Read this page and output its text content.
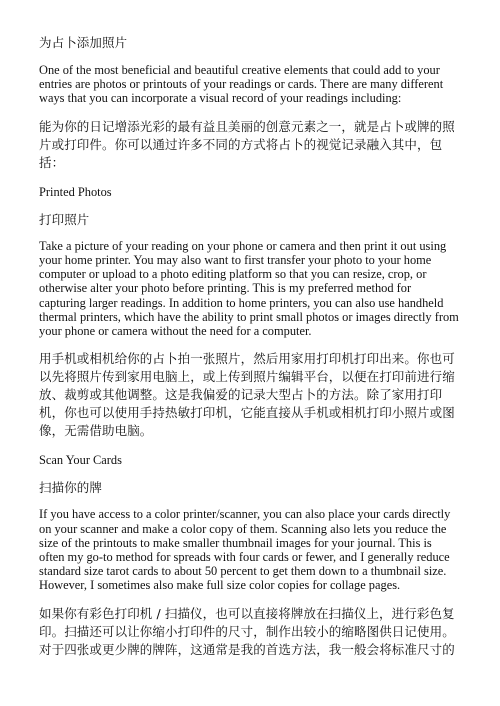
为占卜添加照片

One of the most beneficial and beautiful creative elements that could add to your entries are photos or printouts of your readings or cards. There are many different ways that you can incorporate a visual record of your readings including:

能为你的日记增添光彩的最有益且美丽的创意元素之一，就是占卜或牌的照片或打印件。你可以通过许多不同的方式将占卜的视觉记录融入其中，包括：

Printed Photos

打印照片

Take a picture of your reading on your phone or camera and then print it out using your home printer. You may also want to first transfer your photo to your home computer or upload to a photo editing platform so that you can resize, crop, or otherwise alter your photo before printing. This is my preferred method for capturing larger readings. In addition to home printers, you can also use handheld thermal printers, which have the ability to print small photos or images directly from your phone or camera without the need for a computer.

用手机或相机给你的占卜拍一张照片，然后用家用打印机打印出来。你也可以先将照片传到家用电脑上，或上传到照片编辑平台，以便在打印前进行缩放、裁剪或其他调整。这是我偏爱的记录大型占卜的方法。除了家用打印机，你也可以使用手持热敏打印机，它能直接从手机或相机打印小照片或图像，无需借助电脑。

Scan Your Cards

扫描你的牌

If you have access to a color printer/scanner, you can also place your cards directly on your scanner and make a color copy of them. Scanning also lets you reduce the size of the printouts to make smaller thumbnail images for your journal. This is often my go-to method for spreads with four cards or fewer, and I generally reduce standard size tarot cards to about 50 percent to get them down to a thumbnail size. However, I sometimes also make full size color copies for collage pages.

如果你有彩色打印机 / 扫描仪，也可以直接将牌放在扫描仪上，进行彩色复印。扫描还可以让你缩小打印件的尺寸，制作出较小的缩略图供日记使用。对于四张或更少牌的牌阵，这通常是我的首选方法，我一般会将标准尺寸的
